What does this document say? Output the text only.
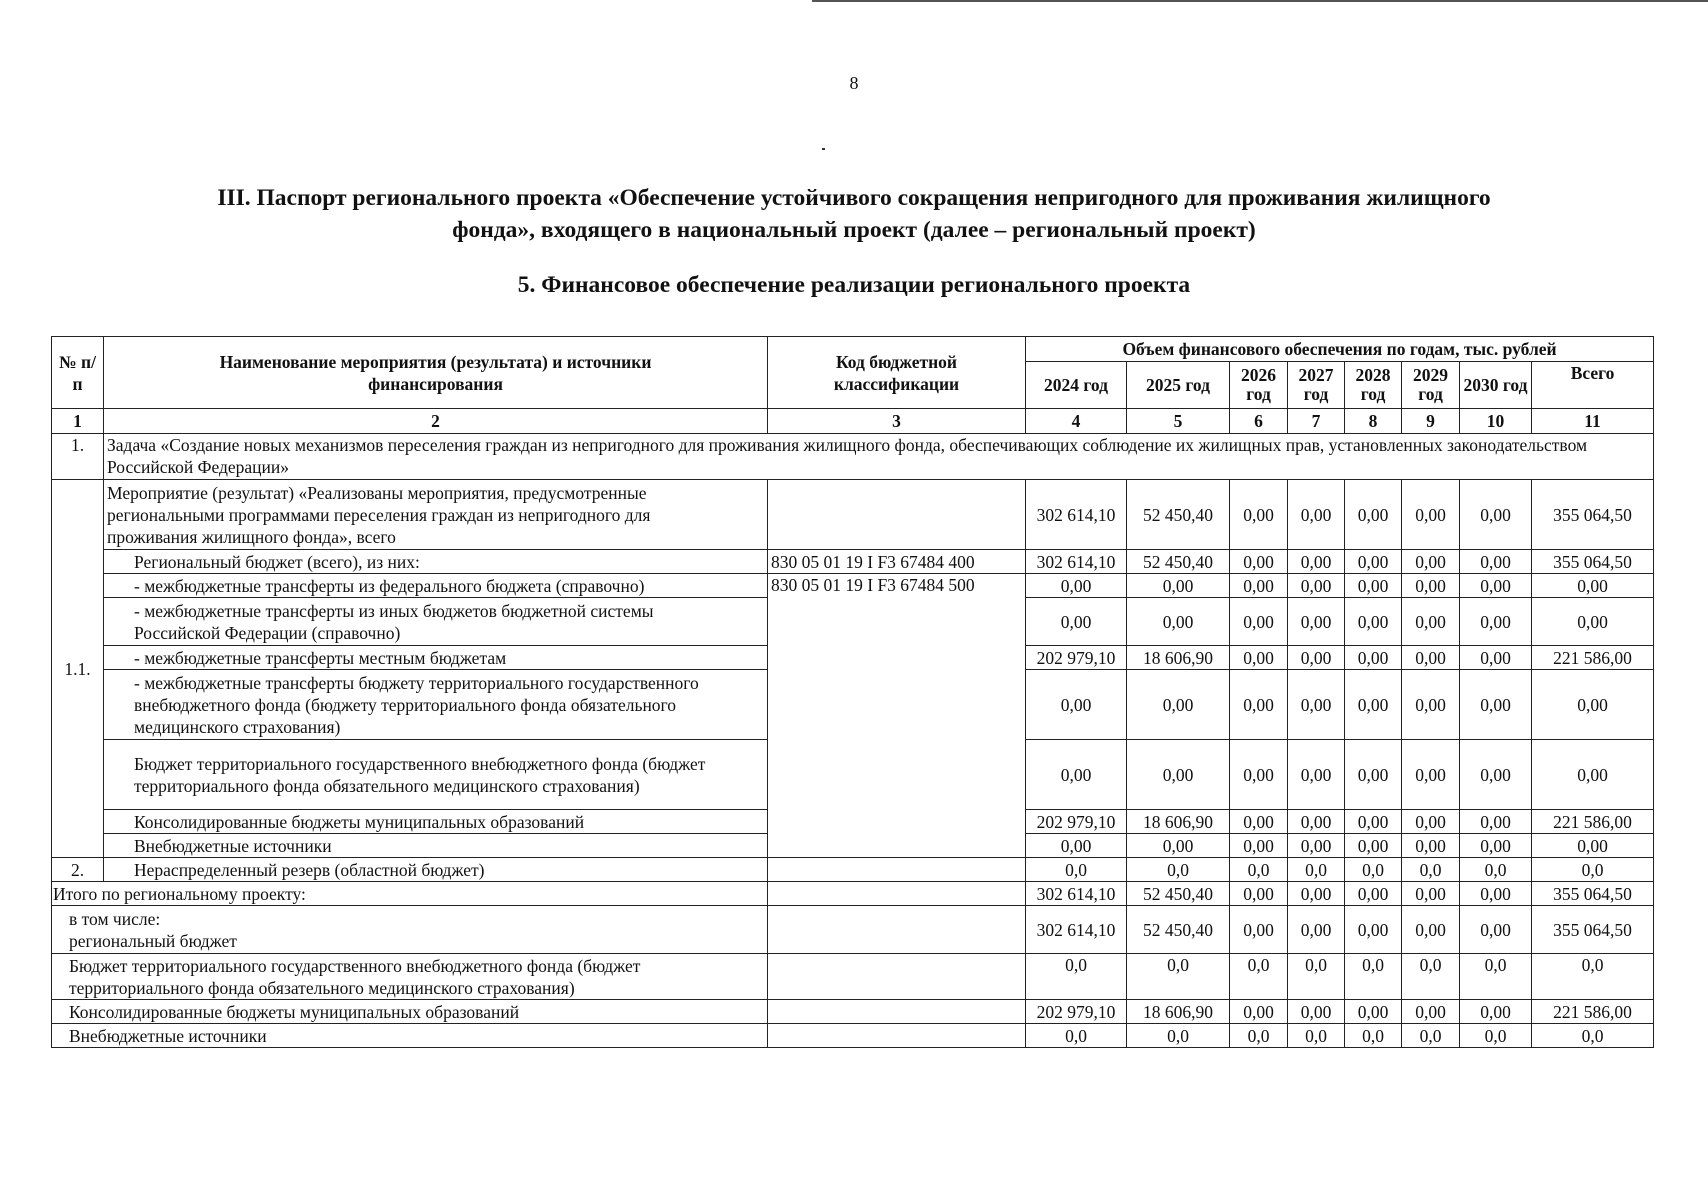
8
III. Паспорт регионального проекта «Обеспечение устойчивого сокращения непригодного для проживания жилищного
фонда», входящего в национальный проект (далее – региональный проект)
5. Финансовое обеспечение реализации регионального проекта
№ п/п	Наименование мероприятия (результата) и источники финансирования	Код бюджетной классификации	Объем финансового обеспечения по годам, тыс. рублей							
			2024 год	2025 год	2026 год	2027 год	2028 год	2029 год	2030 год	Всего
1	2	3	4	5	6	7	8	9	10	11
1.	Задача «Создание новых механизмов переселения граждан из непригодного для проживания жилищного фонда, обеспечивающих соблюдение их жилищных прав, установленных законодательством Российской Федерации»									
1.1.	Мероприятие (результат) «Реализованы мероприятия, предусмотренные региональными программами переселения граждан из непригодного для проживания жилищного фонда», всего		302 614,10	52 450,40	0,00	0,00	0,00	0,00	0,00	355 064,50
	Региональный бюджет (всего), из них:	830 05 01 19 I F3 67484 400	302 614,10	52 450,40	0,00	0,00	0,00	0,00	0,00	355 064,50
	- межбюджетные трансферты из федерального бюджета (справочно)	830 05 01 19 I F3 67484 500	0,00	0,00	0,00	0,00	0,00	0,00	0,00	0,00
	- межбюджетные трансферты из иных бюджетов бюджетной системы Российской Федерации (справочно)		0,00	0,00	0,00	0,00	0,00	0,00	0,00	0,00
	- межбюджетные трансферты местным бюджетам		202 979,10	18 606,90	0,00	0,00	0,00	0,00	0,00	221 586,00
	- межбюджетные трансферты бюджету территориального государственного внебюджетного фонда (бюджету территориального фонда обязательного медицинского страхования)		0,00	0,00	0,00	0,00	0,00	0,00	0,00	0,00
	Бюджет территориального государственного внебюджетного фонда (бюджет территориального фонда обязательного медицинского страхования)		0,00	0,00	0,00	0,00	0,00	0,00	0,00	0,00
	Консолидированные бюджеты муниципальных образований		202 979,10	18 606,90	0,00	0,00	0,00	0,00	0,00	221 586,00
	Внебюджетные источники		0,00	0,00	0,00	0,00	0,00	0,00	0,00	0,00
2.	Нераспределенный резерв (областной бюджет)		0,0	0,0	0,0	0,0	0,0	0,0	0,0	0,0
Итого по региональному проекту:			302 614,10	52 450,40	0,00	0,00	0,00	0,00	0,00	355 064,50

в том числе:
региональный бюджет			302 614,10	52 450,40	0,00	0,00	0,00	0,00	0,00	355 064,50
Бюджет территориального государственного внебюджетного фонда (бюджет территориального фонда обязательного медицинского страхования)			0,0	0,0	0,0	0,0	0,0	0,0	0,0	0,0
Консолидированные бюджеты муниципальных образований			202 979,10	18 606,90	0,00	0,00	0,00	0,00	0,00	221 586,00
Внебюджетные источники			0,0	0,0	0,0	0,0	0,0	0,0	0,0	0,0
